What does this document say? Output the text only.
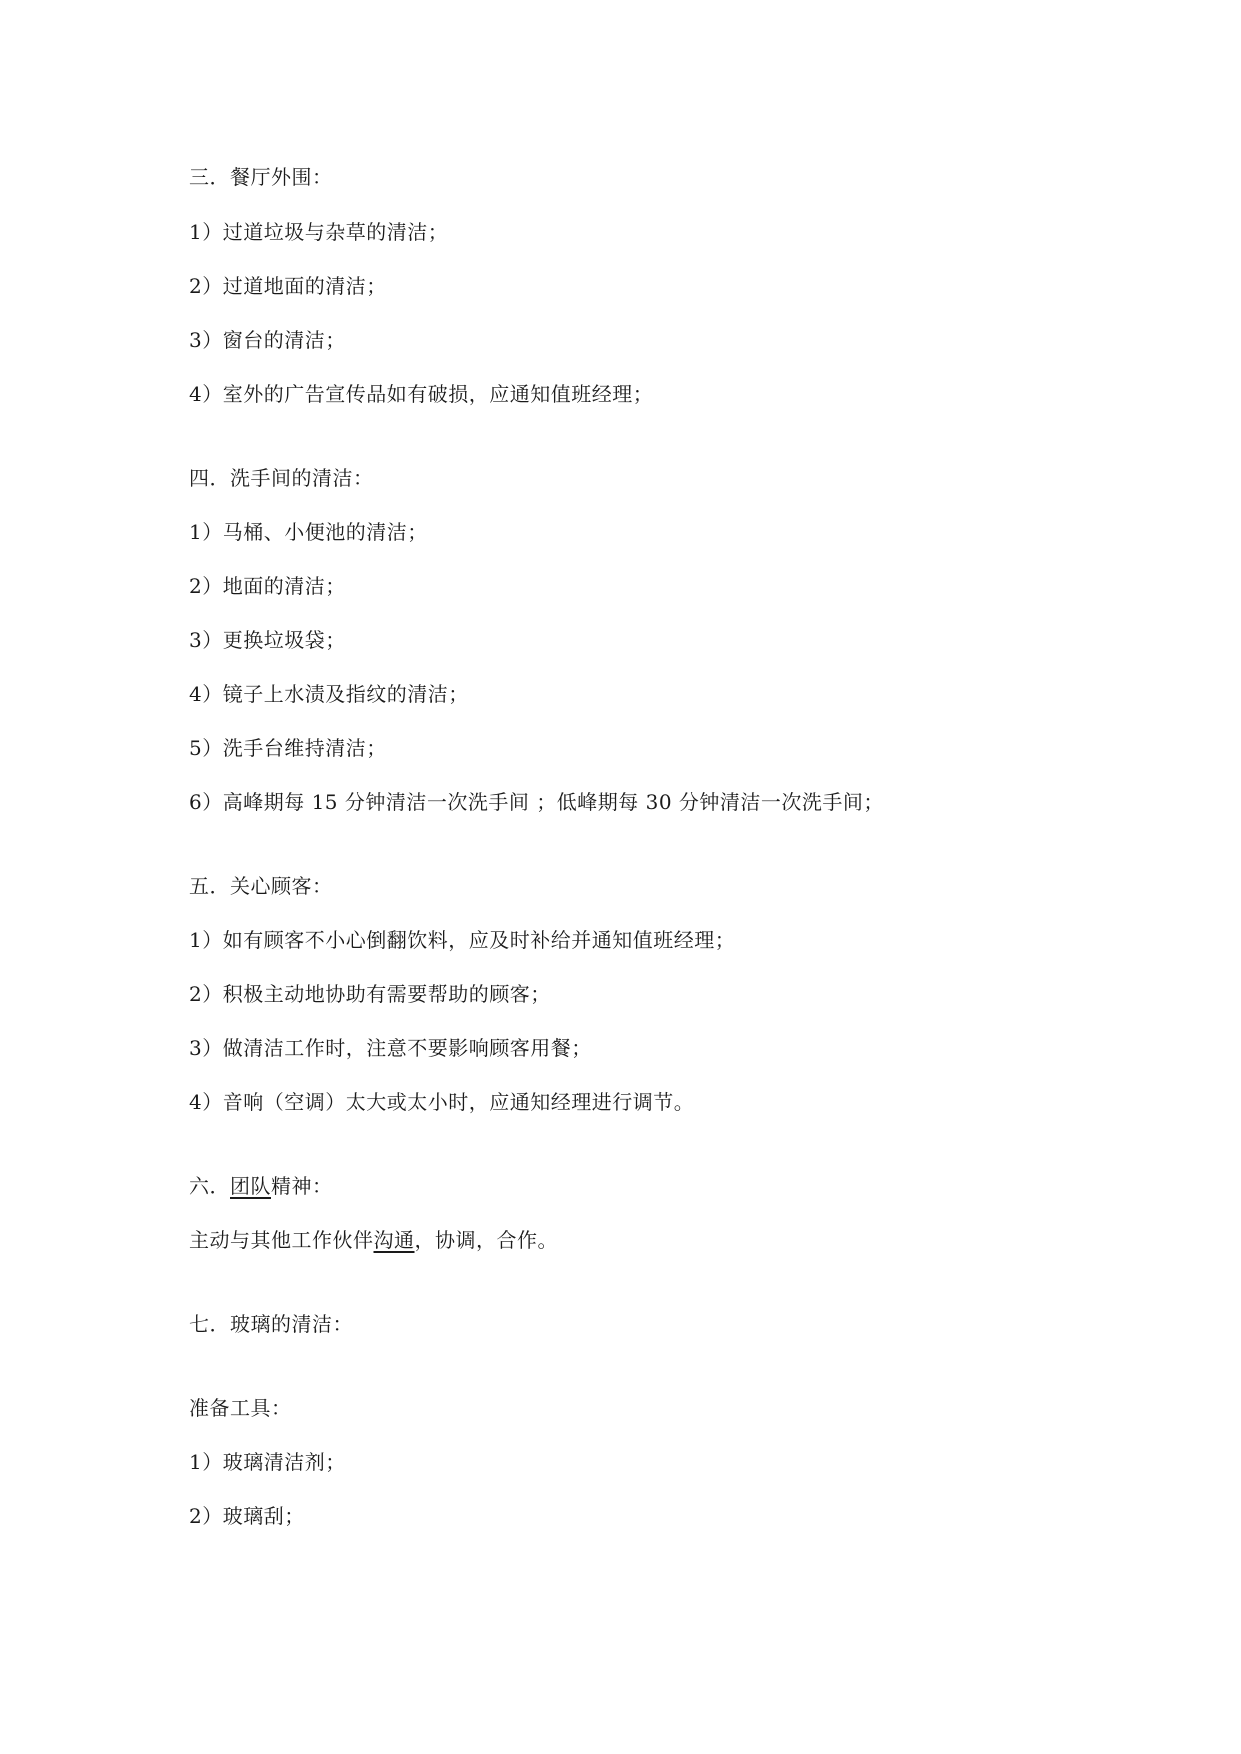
三．餐厅外围：
1）过道垃圾与杂草的清洁；
2）过道地面的清洁；
3）窗台的清洁；
4）室外的广告宣传品如有破损，应通知值班经理；
四．洗手间的清洁：
1）马桶、小便池的清洁；
2）地面的清洁；
3）更换垃圾袋；
4）镜子上水渍及指纹的清洁；
5）洗手台维持清洁；
6）高峰期每 15 分钟清洁一次洗手间 ；低峰期每 30 分钟清洁一次洗手间；
五．关心顾客：
1）如有顾客不小心倒翻饮料，应及时补给并通知值班经理；
2）积极主动地协助有需要帮助的顾客；
3）做清洁工作时，注意不要影响顾客用餐；
4）音响（空调）太大或太小时，应通知经理进行调节。
六．团队精神：
主动与其他工作伙伴沟通，协调，合作。
七．玻璃的清洁：
准备工具：
1）玻璃清洁剂；
2）玻璃刮；
